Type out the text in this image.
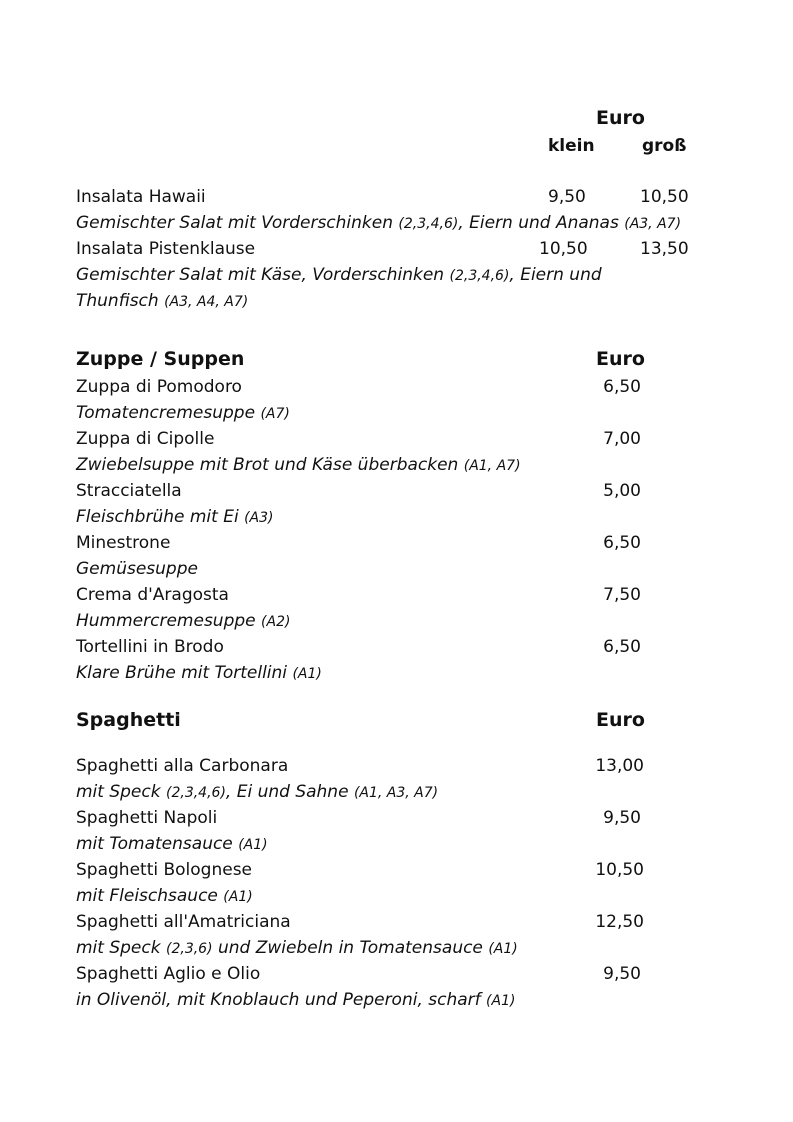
Euro
klein	groß
Insalata Hawaii	9,50	10,50
Gemischter Salat mit Vorderschinken (2,3,4,6), Eiern und Ananas (A3, A7)
Insalata Pistenklause	10,50	13,50
Gemischter Salat mit Käse, Vorderschinken (2,3,4,6), Eiern und
Thunfisch (A3, A4, A7)
Zuppe / Suppen	Euro
Zuppa di Pomodoro	6,50
Tomatencremesuppe (A7)
Zuppa di Cipolle	7,00
Zwiebelsuppe mit Brot und Käse überbacken (A1, A7)
Stracciatella	5,00
Fleischbrühe mit Ei (A3)
Minestrone	6,50
Gemüsesuppe
Crema d'Aragosta	7,50
Hummercremesuppe (A2)
Tortellini in Brodo	6,50
Klare Brühe mit Tortellini (A1)
Spaghetti	Euro
Spaghetti alla Carbonara	13,00
mit Speck (2,3,4,6), Ei und Sahne (A1, A3, A7)
Spaghetti Napoli	9,50
mit Tomatensauce (A1)
Spaghetti Bolognese	10,50
mit Fleischsauce (A1)
Spaghetti all'Amatriciana	12,50
mit Speck (2,3,6) und Zwiebeln in Tomatensauce (A1)
Spaghetti Aglio e Olio	9,50
in Olivenöl, mit Knoblauch und Peperoni, scharf (A1)
